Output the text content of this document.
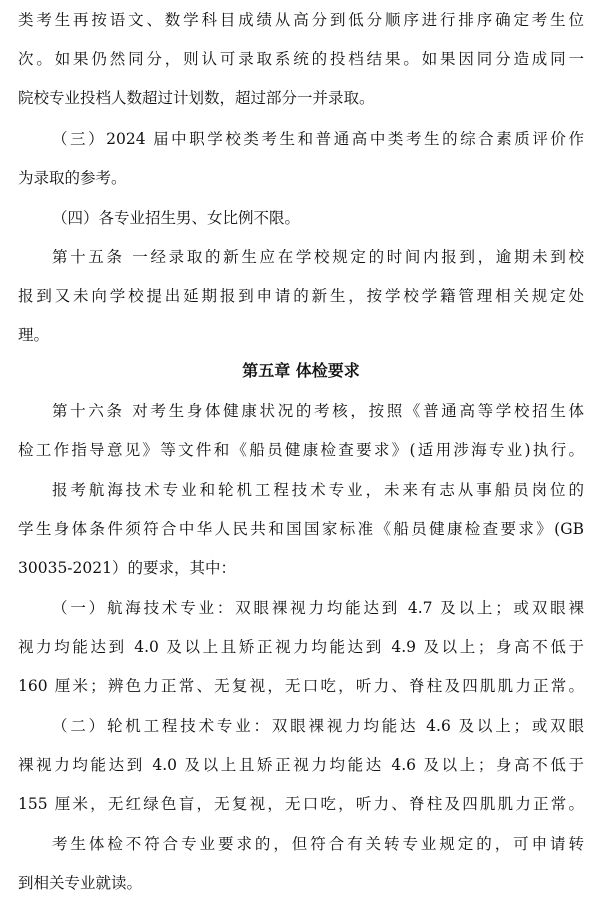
类考生再按语文、数学科目成绩从高分到低分顺序进行排序确定考生位
次。如果仍然同分，则认可录取系统的投档结果。如果因同分造成同一
院校专业投档人数超过计划数，超过部分一并录取。
（三）2024 届中职学校类考生和普通高中类考生的综合素质评价作
为录取的参考。
（四）各专业招生男、女比例不限。
第十五条 一经录取的新生应在学校规定的时间内报到，逾期未到校
报到又未向学校提出延期报到申请的新生，按学校学籍管理相关规定处
理。
第五章 体检要求
第十六条 对考生身体健康状况的考核，按照《普通高等学校招生体
检工作指导意见》等文件和《船员健康检查要求》(适用涉海专业)执行。
报考航海技术专业和轮机工程技术专业，未来有志从事船员岗位的
学生身体条件须符合中华人民共和国国家标准《船员健康检查要求》(GB
30035-2021）的要求，其中：
（一）航海技术专业：双眼裸视力均能达到 4.7 及以上；或双眼裸
视力均能达到 4.0 及以上且矫正视力均能达到 4.9 及以上；身高不低于
160 厘米；辨色力正常、无复视，无口吃，听力、脊柱及四肌肌力正常。
（二）轮机工程技术专业：双眼裸视力均能达 4.6 及以上；或双眼
裸视力均能达到 4.0 及以上且矫正视力均能达 4.6 及以上；身高不低于
155 厘米，无红绿色盲，无复视，无口吃，听力、脊柱及四肌肌力正常。
考生体检不符合专业要求的，但符合有关转专业规定的，可申请转
到相关专业就读。
